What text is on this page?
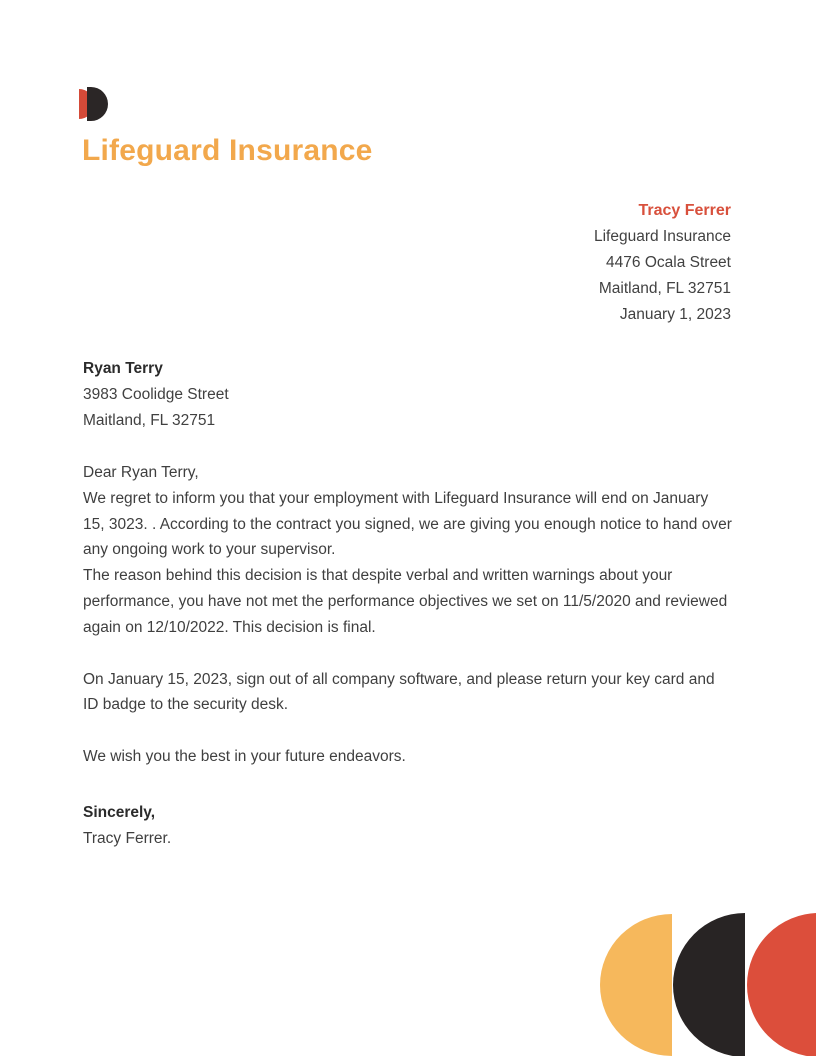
Lifeguard Insurance
Tracy Ferrer
Lifeguard Insurance
4476 Ocala Street
Maitland, FL 32751
January 1, 2023
Ryan Terry
3983 Coolidge Street
Maitland, FL 32751

Dear Ryan Terry,

We regret to inform you that your employment with Lifeguard Insurance will end on January 15, 3023. . According to the contract you signed, we are giving you enough notice to hand over any ongoing work to your supervisor.

The reason behind this decision is that despite verbal and written warnings about your performance, you have not met the performance objectives we set on 11/5/2020 and reviewed again on 12/10/2022. This decision is final.

On January 15, 2023, sign out of all company software, and please return your key card and ID badge to the security desk.

We wish you the best in your future endeavors.

Sincerely,

Tracy Ferrer.
